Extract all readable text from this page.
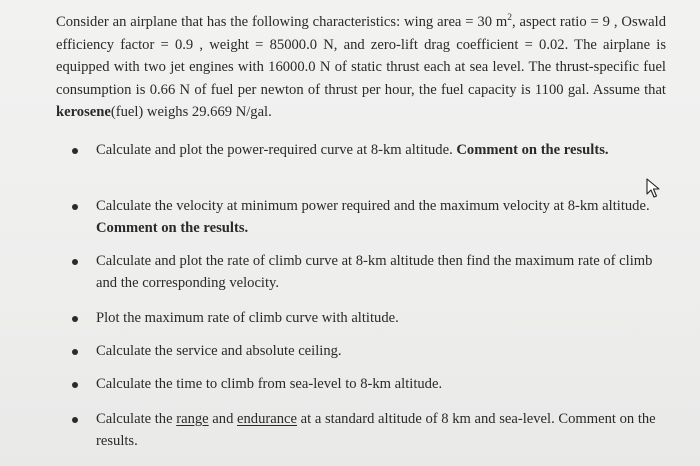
Consider an airplane that has the following characteristics: wing area = 30 $m^2$, aspect ratio = 9 , Oswald efficiency factor = 0.9 , weight = 85000.0 N, and zero-lift drag coefficient = 0.02. The airplane is equipped with two jet engines with 16000.0 N of static thrust each at sea level. The thrust-specific fuel consumption is 0.66 N of fuel per newton of thrust per hour, the fuel capacity is 1100 gal. Assume that kerosene(fuel) weighs 29.669 N/gal.

Calculate and plot the power-required curve at 8-km altitude. Comment on the results.
Calculate the velocity at minimum power required and the maximum velocity at 8-km altitude. Comment on the results.
Calculate and plot the rate of climb curve at 8-km altitude then find the maximum rate of climb and the corresponding velocity.
Plot the maximum rate of climb curve with altitude.
Calculate the service and absolute ceiling.
Calculate the time to climb from sea-level to 8-km altitude.
Calculate the range and endurance at a standard altitude of 8 km and sea-level. Comment on the results.
